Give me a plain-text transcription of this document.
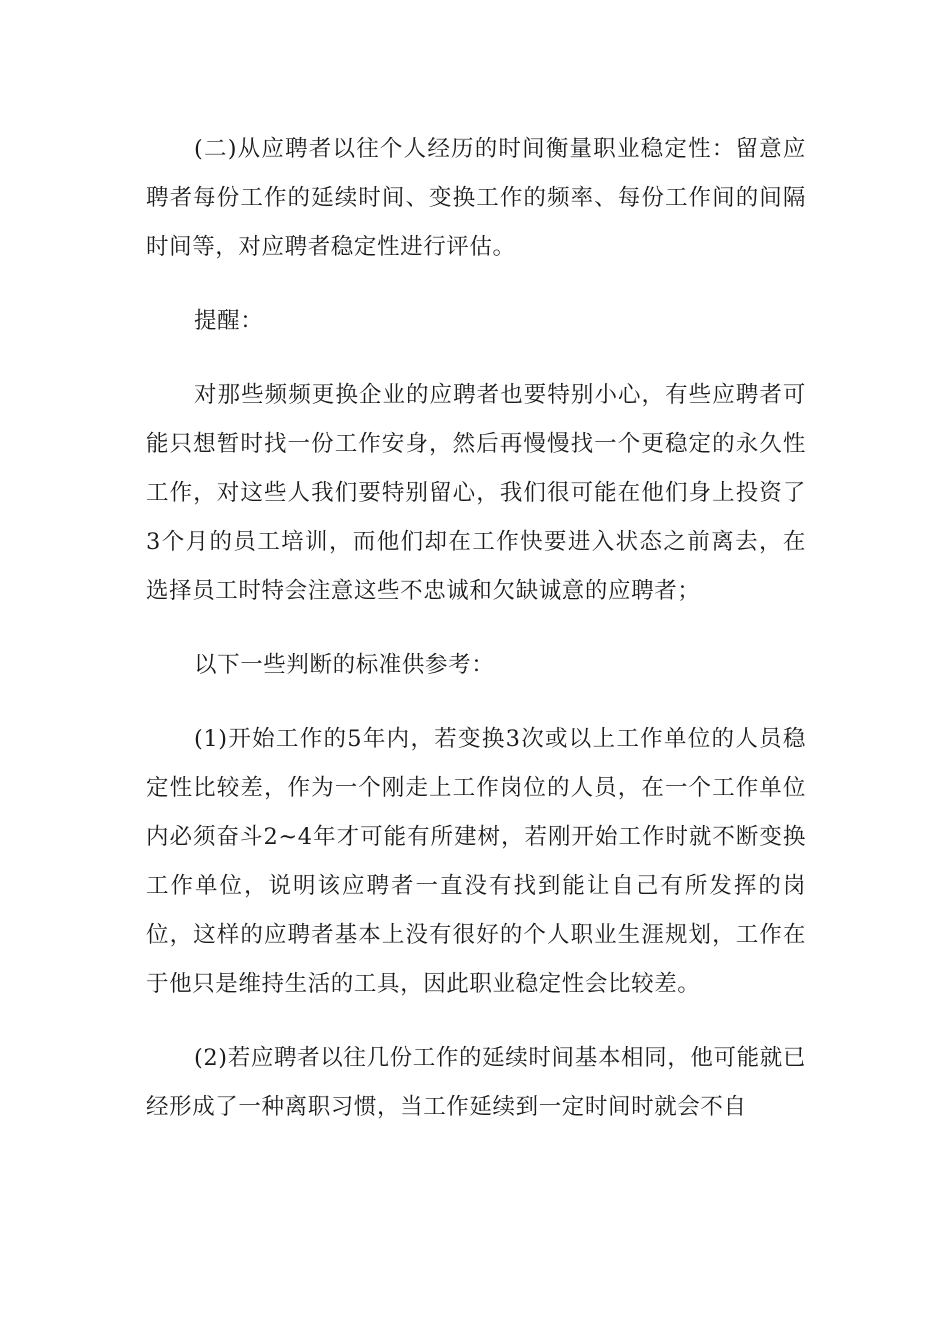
(二)从应聘者以往个人经历的时间衡量职业稳定性：留意应聘者每份工作的延续时间、变换工作的频率、每份工作间的间隔时间等，对应聘者稳定性进行评估。

提醒：

对那些频频更换企业的应聘者也要特别小心，有些应聘者可能只想暂时找一份工作安身，然后再慢慢找一个更稳定的永久性工作，对这些人我们要特别留心，我们很可能在他们身上投资了3个月的员工培训，而他们却在工作快要进入状态之前离去，在选择员工时特会注意这些不忠诚和欠缺诚意的应聘者；

以下一些判断的标准供参考：

(1)开始工作的5年内，若变换3次或以上工作单位的人员稳定性比较差，作为一个刚走上工作岗位的人员，在一个工作单位内必须奋斗2~4年才可能有所建树，若刚开始工作时就不断变换工作单位，说明该应聘者一直没有找到能让自己有所发挥的岗位，这样的应聘者基本上没有很好的个人职业生涯规划，工作在于他只是维持生活的工具，因此职业稳定性会比较差。

(2)若应聘者以往几份工作的延续时间基本相同，他可能就已经形成了一种离职习惯，当工作延续到一定时间时就会不自
